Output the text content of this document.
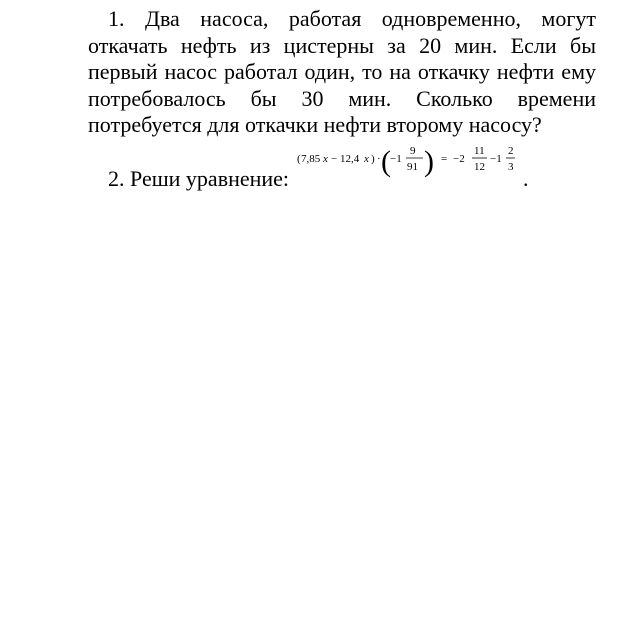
1. Два насоса, работая одновременно, могут откачать нефть из цистерны за 20 мин. Если бы первый насос работал один, то на откачку нефти ему потребовалось бы 30 мин. Сколько времени потребуется для откачки нефти второму насосу?
2. Реши уравнение:
( 7,85 x − 12,4 x ) · ( −1
9
91 ) = −2
11
12
−1
2
3 .
